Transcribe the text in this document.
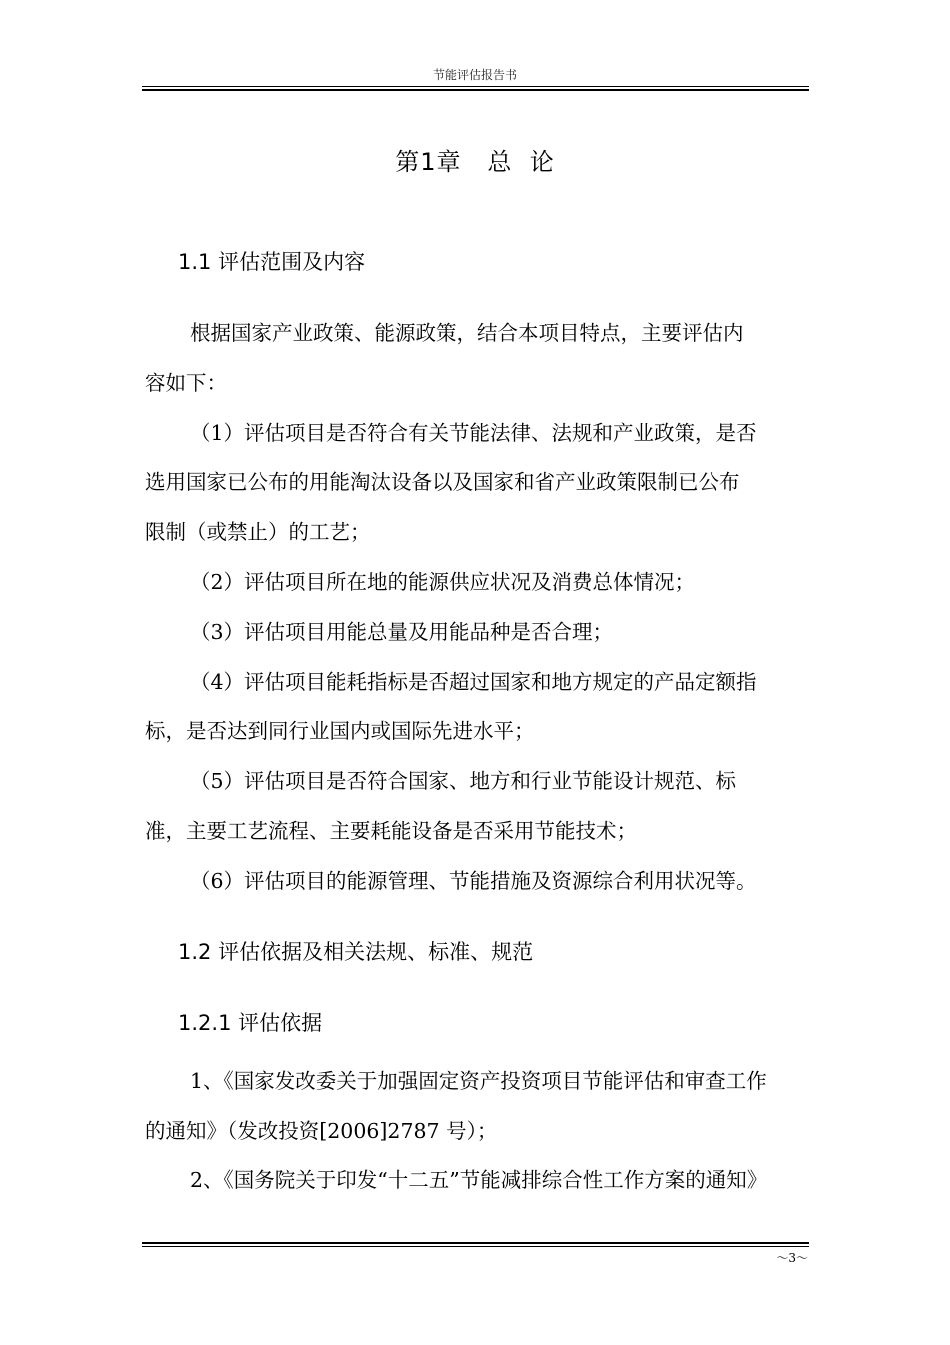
节能评估报告书
第1章   总  论
1.1 评估范围及内容
根据国家产业政策、能源政策，结合本项目特点，主要评估内
容如下：
（1）评估项目是否符合有关节能法律、法规和产业政策，是否
选用国家已公布的用能淘汰设备以及国家和省产业政策限制已公布
限制（或禁止）的工艺；
（2）评估项目所在地的能源供应状况及消费总体情况；
（3）评估项目用能总量及用能品种是否合理；
（4）评估项目能耗指标是否超过国家和地方规定的产品定额指
标，是否达到同行业国内或国际先进水平；
（5）评估项目是否符合国家、地方和行业节能设计规范、标
准，主要工艺流程、主要耗能设备是否采用节能技术；
（6）评估项目的能源管理、节能措施及资源综合利用状况等。
1.2 评估依据及相关法规、标准、规范
1.2.1 评估依据
1、《国家发改委关于加强固定资产投资项目节能评估和审查工作
的通知》（发改投资[2006]2787 号）；
2、《国务院关于印发“十二五”节能减排综合性工作方案的通知》
～3～
